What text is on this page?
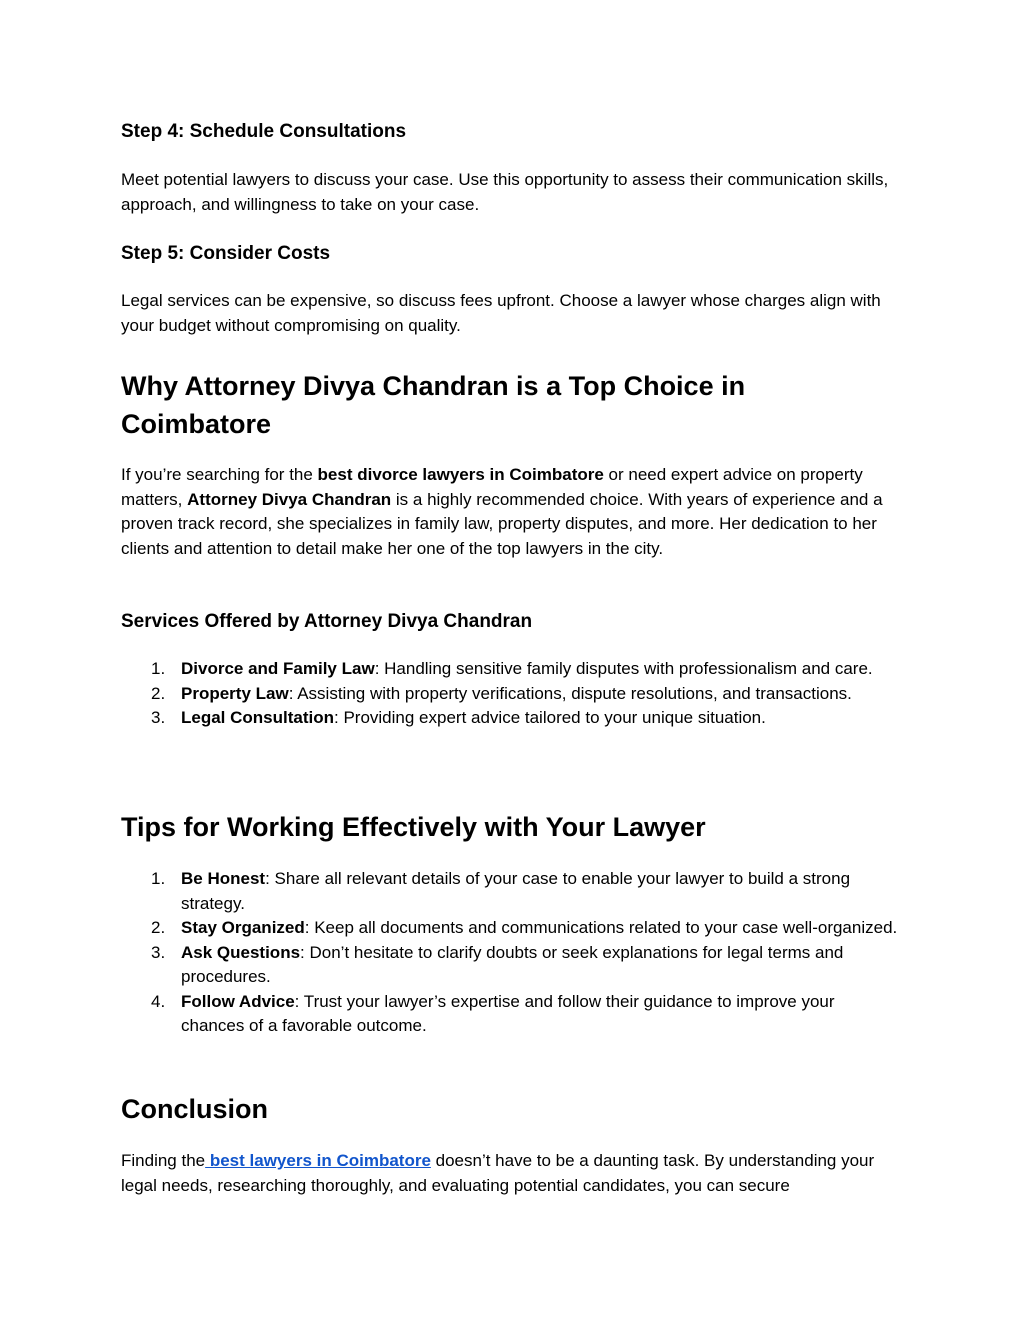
Step 4: Schedule Consultations

Meet potential lawyers to discuss your case. Use this opportunity to assess their communication skills, approach, and willingness to take on your case.

Step 5: Consider Costs

Legal services can be expensive, so discuss fees upfront. Choose a lawyer whose charges align with your budget without compromising on quality.

Why Attorney Divya Chandran is a Top Choice in Coimbatore

If you’re searching for the best divorce lawyers in Coimbatore or need expert advice on property matters, Attorney Divya Chandran is a highly recommended choice. With years of experience and a proven track record, she specializes in family law, property disputes, and more. Her dedication to her clients and attention to detail make her one of the top lawyers in the city.

Services Offered by Attorney Divya Chandran
1. Divorce and Family Law: Handling sensitive family disputes with professionalism and care.
2. Property Law: Assisting with property verifications, dispute resolutions, and transactions.
3. Legal Consultation: Providing expert advice tailored to your unique situation.
Tips for Working Effectively with Your Lawyer
1. Be Honest: Share all relevant details of your case to enable your lawyer to build a strong strategy.
2. Stay Organized: Keep all documents and communications related to your case well-organized.
3. Ask Questions: Don’t hesitate to clarify doubts or seek explanations for legal terms and procedures.
4. Follow Advice: Trust your lawyer’s expertise and follow their guidance to improve your chances of a favorable outcome.
Conclusion

Finding the best lawyers in Coimbatore doesn’t have to be a daunting task. By understanding your legal needs, researching thoroughly, and evaluating potential candidates, you can secure
